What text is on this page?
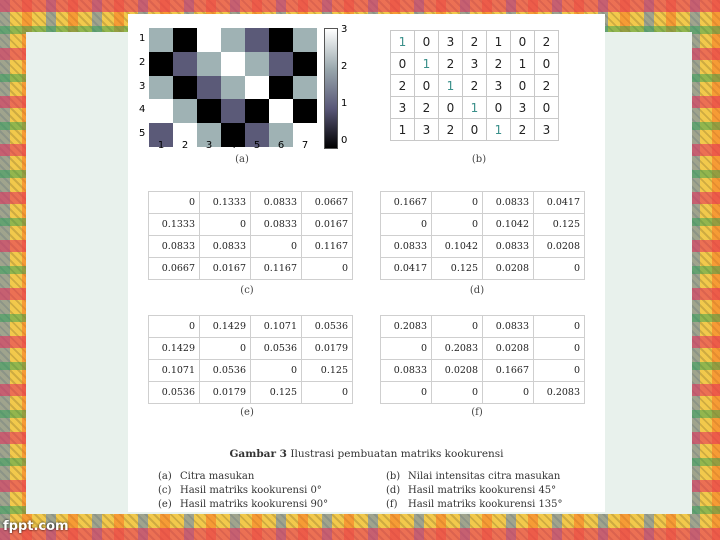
1
2
3
4
5
1	2	3	4	5	6	7
3
2
1
0
(a)
1	0	3	2	1	0	2
0	1	2	3	2	1	0
2	0	1	2	3	0	2
3	2	0	1	0	3	0
1	3	2	0	1	2	3
(b)
0	0.1333	0.0833	0.0667
0.1333	0	0.0833	0.0167
0.0833	0.0833	0	0.1167
0.0667	0.0167	0.1167	0
(c)
0.1667	0	0.0833	0.0417
0	0	0.1042	0.125
0.0833	0.1042	0.0833	0.0208
0.0417	0.125	0.0208	0
(d)
0	0.1429	0.1071	0.0536
0.1429	0	0.0536	0.0179
0.1071	0.0536	0	0.125
0.0536	0.0179	0.125	0
(e)
0.2083	0	0.0833	0
0	0.2083	0.0208	0
0.0833	0.0208	0.1667	0
0	0	0	0.2083
(f)
Gambar 3 Ilustrasi pembuatan matriks kookurensi
(a) Citra masukan	(b) Nilai intensitas citra masukan
(c) Hasil matriks kookurensi 0°	(d) Hasil matriks kookurensi 45°
(e) Hasil matriks kookurensi 90°	(f) Hasil matriks kookurensi 135°
fppt.com
